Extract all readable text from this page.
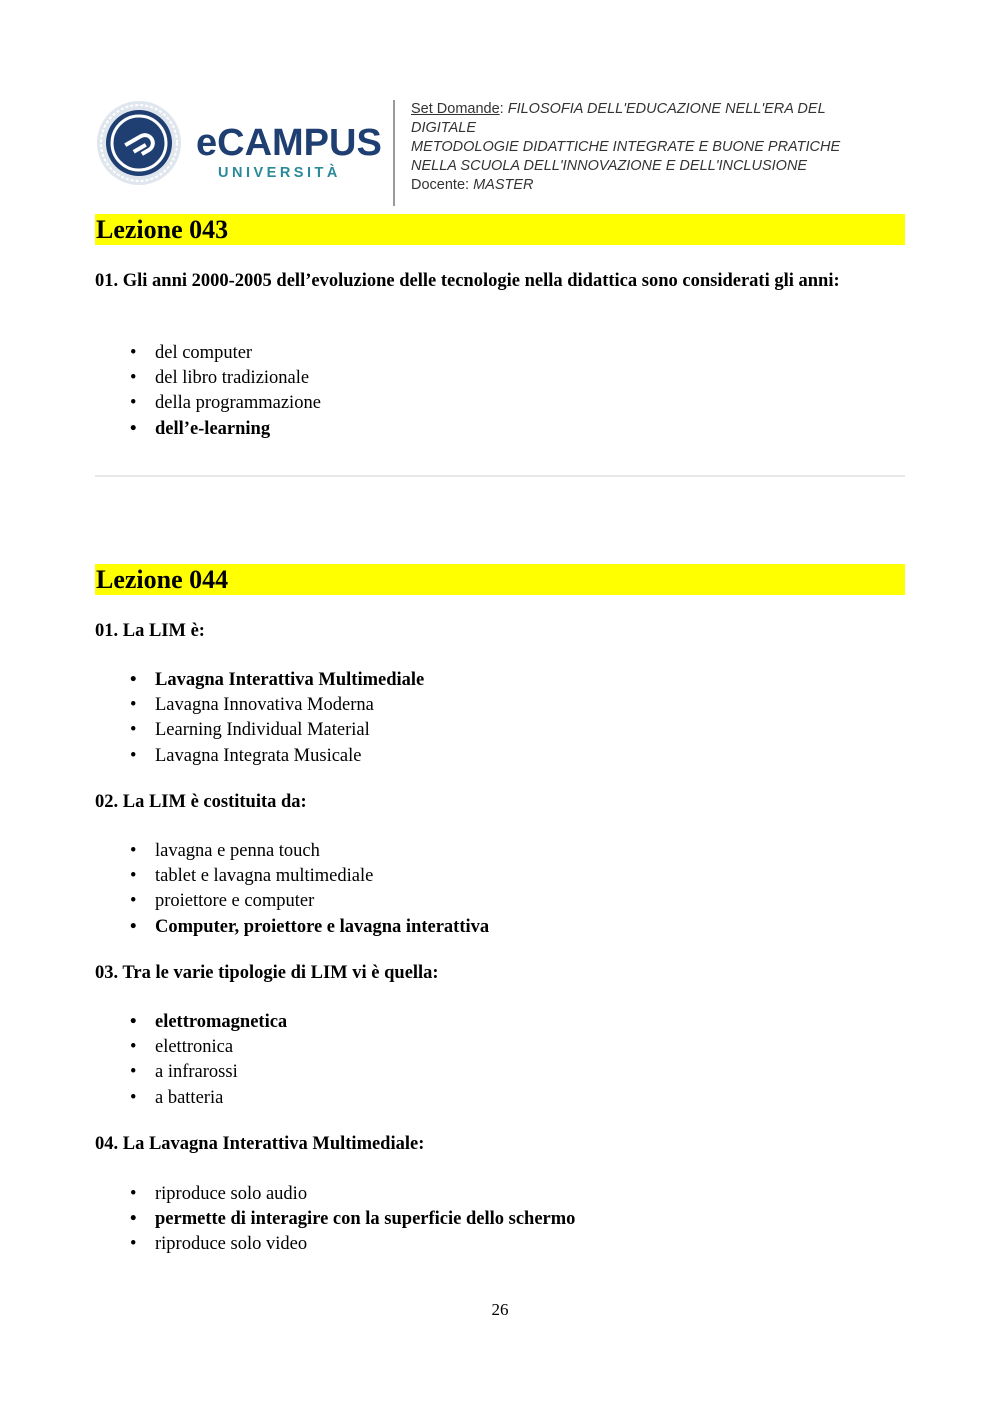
eCAMPUS
UNIVERSITÀ
Set Domande: FILOSOFIA DELL'EDUCAZIONE NELL'ERA DEL
DIGITALE
METODOLOGIE DIDATTICHE INTEGRATE E BUONE PRATICHE
NELLA SCUOLA DELL'INNOVAZIONE E DELL'INCLUSIONE
Docente: MASTER
Lezione 043

01. Gli anni 2000-2005 dell’evoluzione delle tecnologie nella didattica sono considerati gli anni:

• del computer
• del libro tradizionale
• della programmazione
• dell’e-learning
Lezione 044

01. La LIM è:

• Lavagna Interattiva Multimediale
• Lavagna Innovativa Moderna
• Learning Individual Material
• Lavagna Integrata Musicale

02. La LIM è costituita da:

• lavagna e penna touch
• tablet e lavagna multimediale
• proiettore e computer
• Computer, proiettore e lavagna interattiva

03. Tra le varie tipologie di LIM vi è quella:

• elettromagnetica
• elettronica
• a infrarossi
• a batteria

04. La Lavagna Interattiva Multimediale:

• riproduce solo audio
• permette di interagire con la superficie dello schermo
• riproduce solo video
26
